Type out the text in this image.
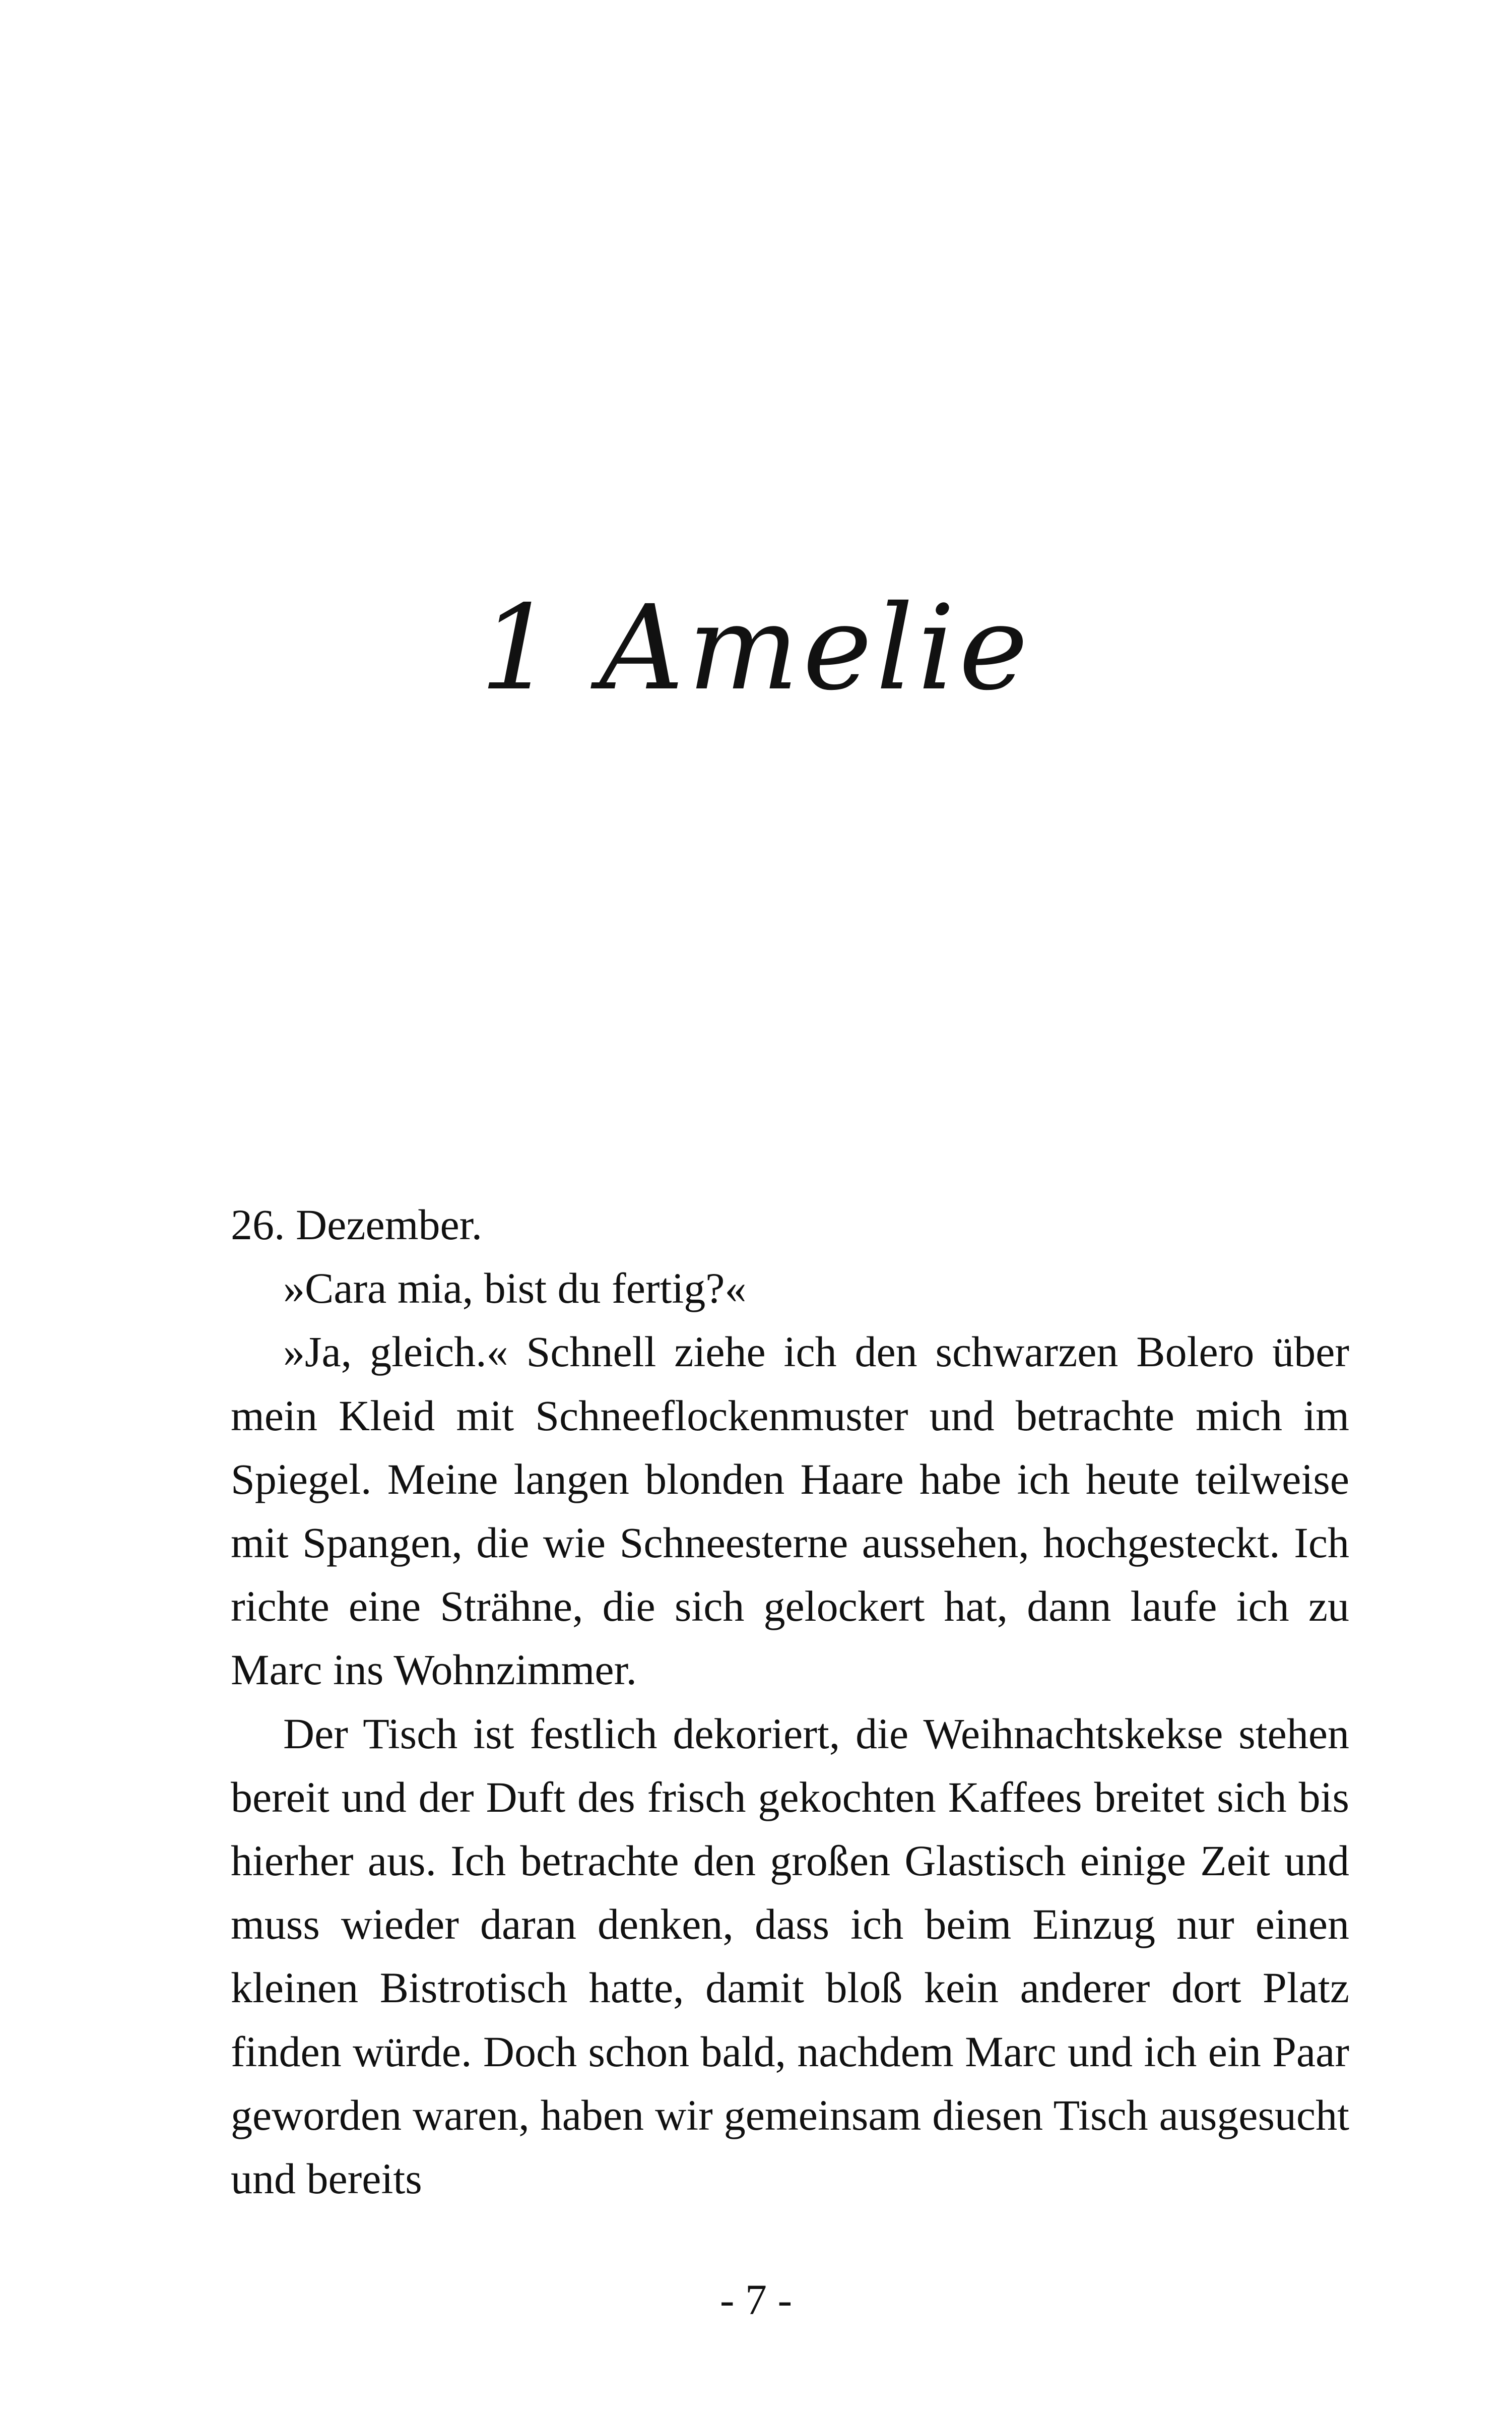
1 Amelie

26. Dezember.

»Cara mia, bist du fertig?«

»Ja, gleich.« Schnell ziehe ich den schwarzen Bolero über mein Kleid mit Schneeflockenmuster und betrachte mich im Spiegel. Meine langen blonden Haare habe ich heute teilweise mit Spangen, die wie Schneesterne aussehen, hochgesteckt. Ich richte eine Strähne, die sich gelockert hat, dann laufe ich zu Marc ins Wohnzimmer.

Der Tisch ist festlich dekoriert, die Weihnachtskekse stehen bereit und der Duft des frisch gekochten Kaffees breitet sich bis hierher aus. Ich betrachte den großen Glastisch einige Zeit und muss wieder daran denken, dass ich beim Einzug nur einen kleinen Bistrotisch hatte, damit bloß kein anderer dort Platz finden würde. Doch schon bald, nachdem Marc und ich ein Paar geworden waren, haben wir gemeinsam diesen Tisch ausgesucht und bereits

- 7 -
